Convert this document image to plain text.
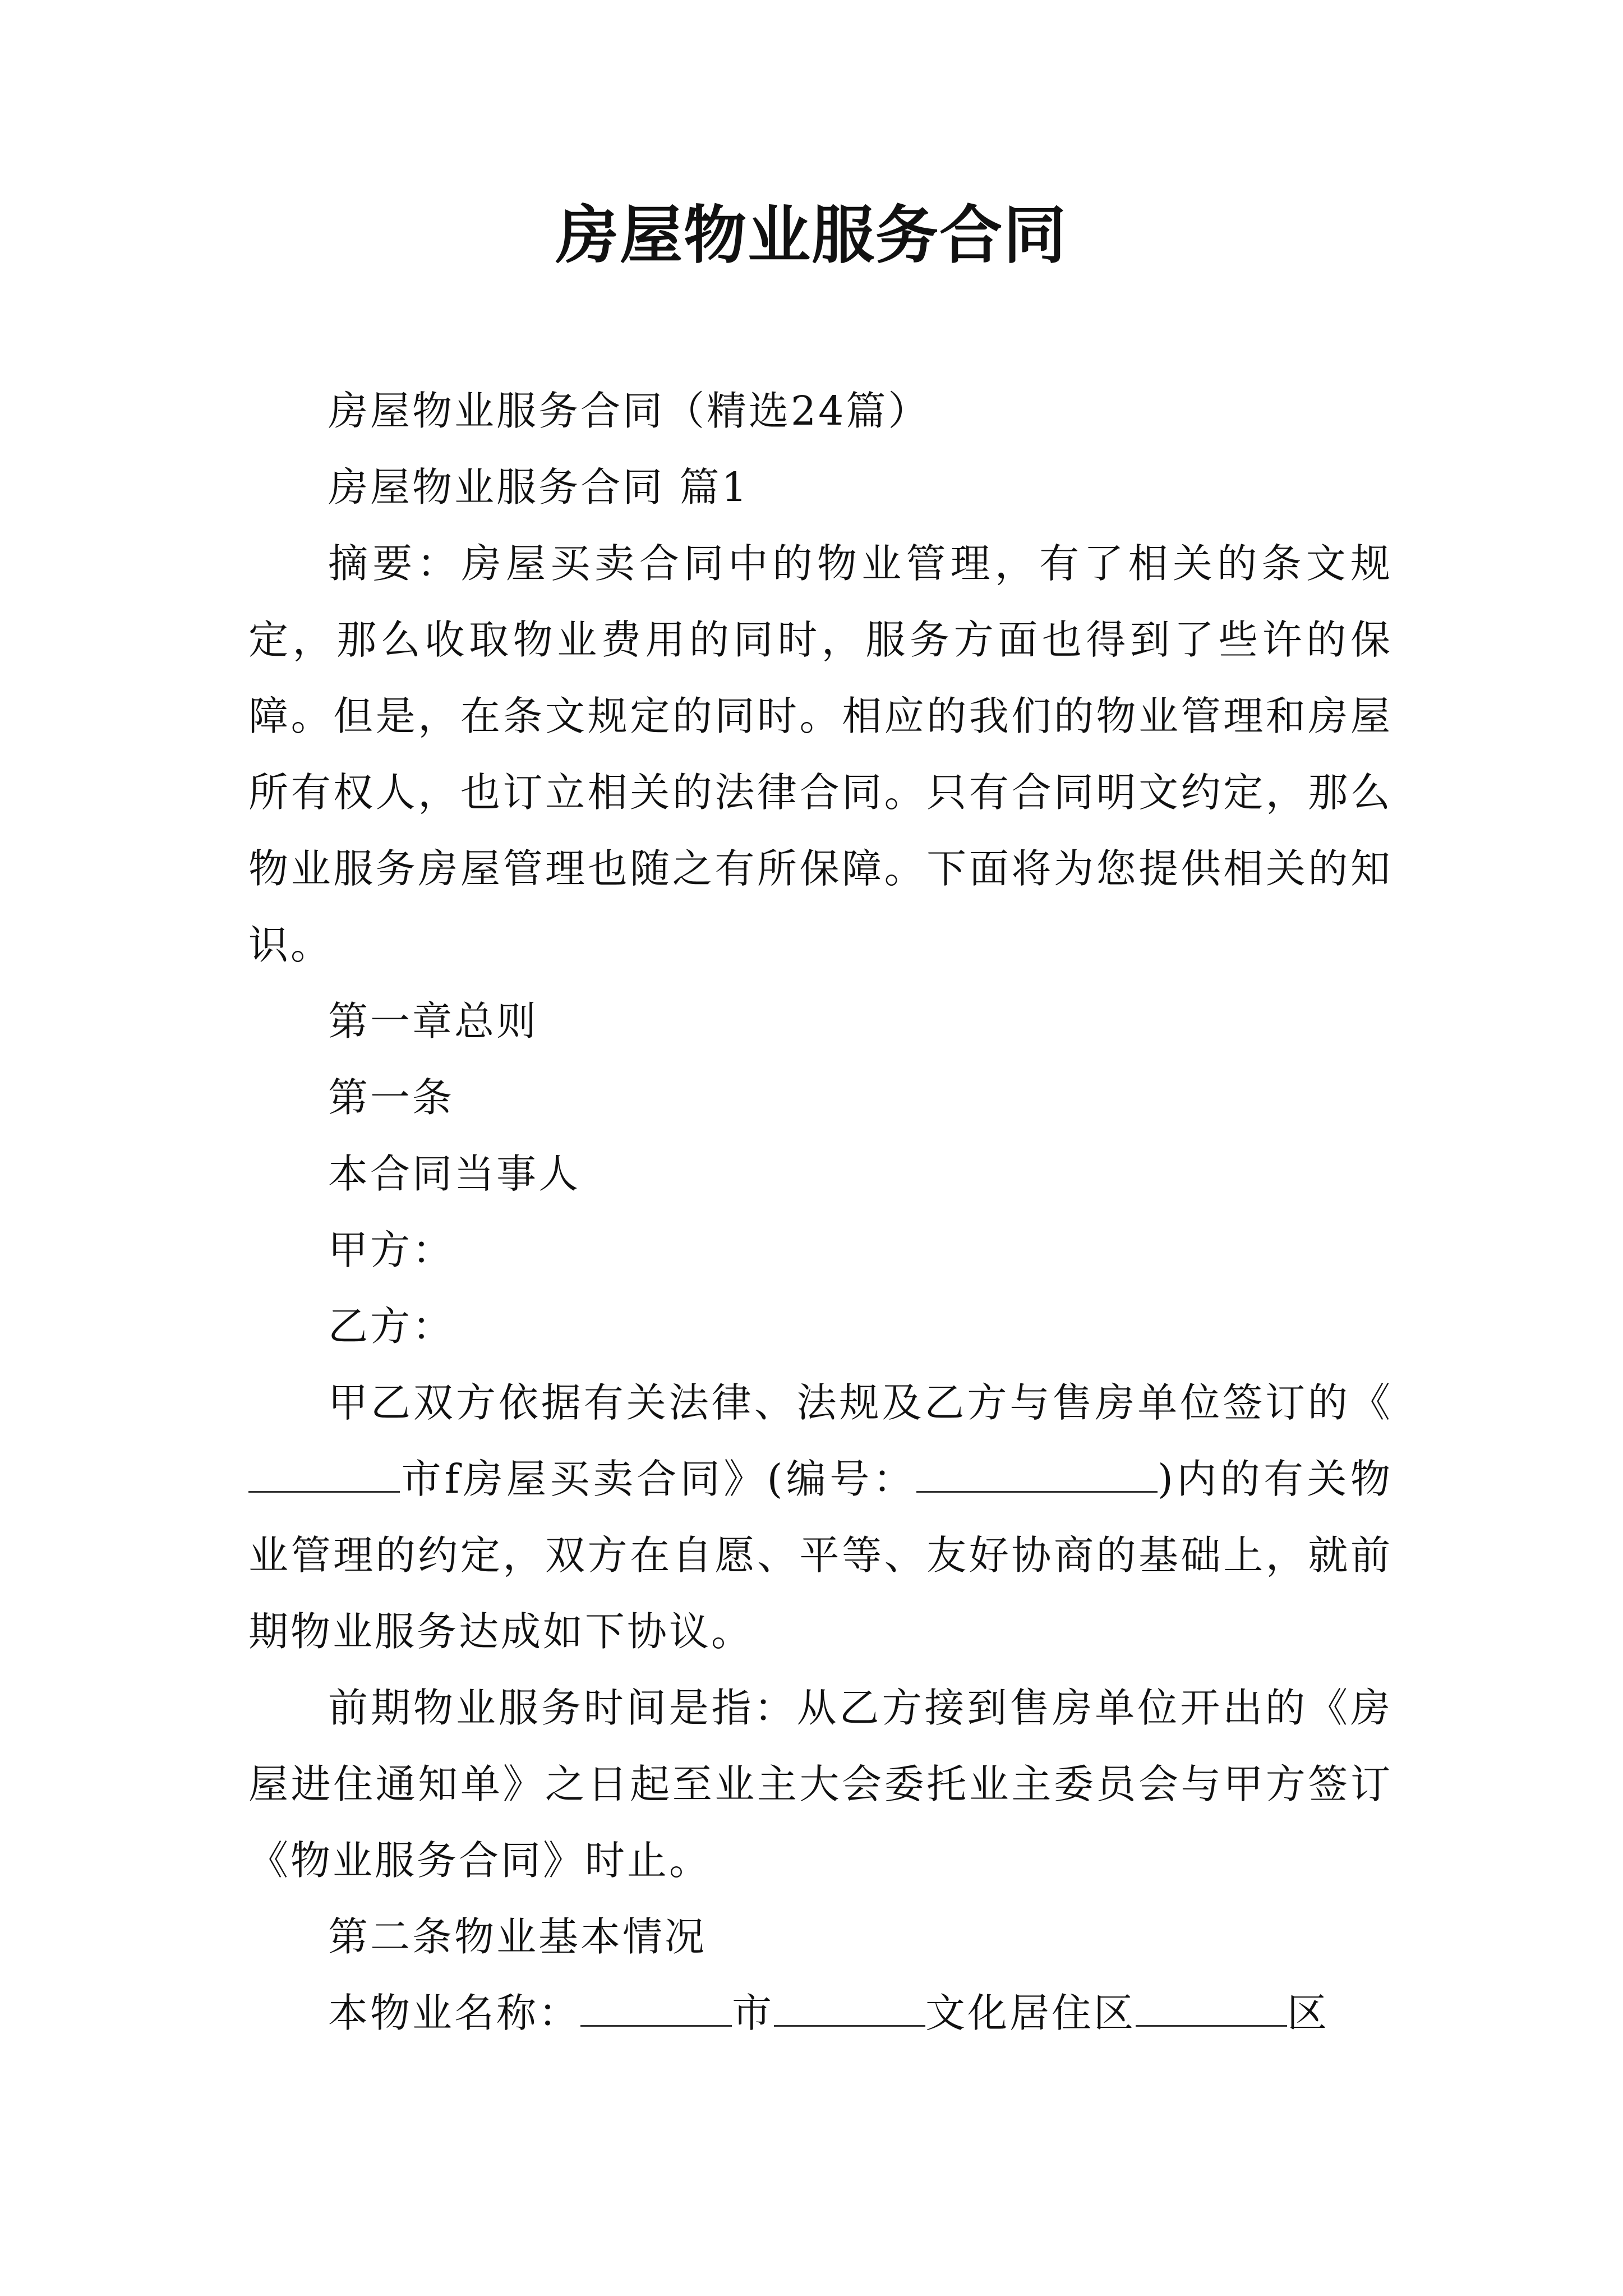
房屋物业服务合同

房屋物业服务合同（精选24篇）

房屋物业服务合同 篇1

摘要：房屋买卖合同中的物业管理，有了相关的条文规定，那么收取物业费用的同时，服务方面也得到了些许的保障。但是，在条文规定的同时。相应的我们的物业管理和房屋所有权人，也订立相关的法律合同。只有合同明文约定，那么物业服务房屋管理也随之有所保障。下面将为您提供相关的知识。

第一章总则

第一条

本合同当事人

甲方：

乙方：

甲乙双方依据有关法律、法规及乙方与售房单位签订的《市f房屋买卖合同》(编号：	)内的有关物业管理的约定，双方在自愿、平等、友好协商的基础上，就前期物业服务达成如下协议。

前期物业服务时间是指：从乙方接到售房单位开出的《房屋进住通知单》之日起至业主大会委托业主委员会与甲方签订《物业服务合同》时止。

第二条物业基本情况

本物业名称：	市	文化居住区	区
